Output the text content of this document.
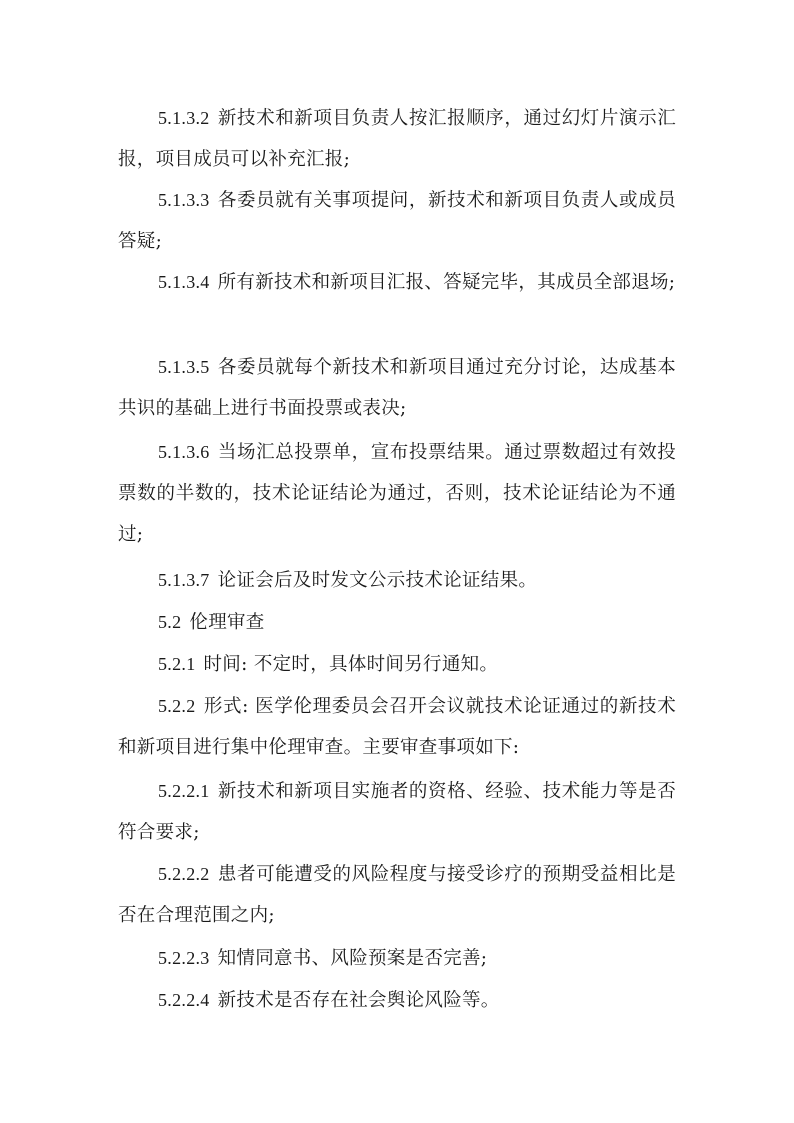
5.1.3.2 新技术和新项目负责人按汇报顺序，通过幻灯片演示汇报，项目成员可以补充汇报;

5.1.3.3 各委员就有关事项提问，新技术和新项目负责人或成员答疑;

5.1.3.4 所有新技术和新项目汇报、答疑完毕，其成员全部退场;

5.1.3.5 各委员就每个新技术和新项目通过充分讨论，达成基本共识的基础上进行书面投票或表决;

5.1.3.6 当场汇总投票单，宣布投票结果。通过票数超过有效投票数的半数的，技术论证结论为通过，否则，技术论证结论为不通过;

5.1.3.7 论证会后及时发文公示技术论证结果。

5.2 伦理审查

5.2.1 时间: 不定时，具体时间另行通知。

5.2.2 形式: 医学伦理委员会召开会议就技术论证通过的新技术和新项目进行集中伦理审查。主要审查事项如下:

5.2.2.1 新技术和新项目实施者的资格、经验、技术能力等是否符合要求;

5.2.2.2 患者可能遭受的风险程度与接受诊疗的预期受益相比是否在合理范围之内;

5.2.2.3 知情同意书、风险预案是否完善;

5.2.2.4 新技术是否存在社会舆论风险等。
